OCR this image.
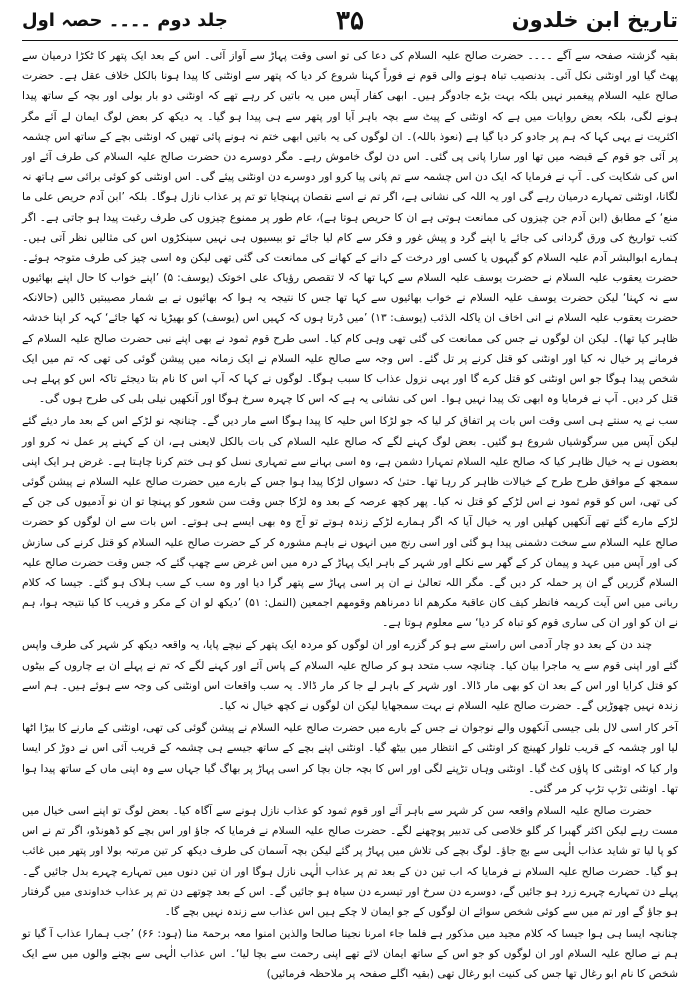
تاریخ ابن خلدون
۳۵
جلد دوم ۔۔۔۔ حصہ اول

بقیہ گزشتہ صفحہ سے آگے ۔۔۔۔ حضرت صالح علیہ السلام کی دعا کی تو اسی وقت پہاڑ سے آواز آئی۔ اس کے بعد ایک پتھر کا ٹکڑا درمیان سے پھٹ گیا اور اونٹنی نکل آئی۔ بدنصیب تباہ ہونے والی قوم نے فوراً کہنا شروع کر دیا کہ پتھر سے اونٹنی کا پیدا ہونا بالکل خلاف عقل ہے۔ حضرت صالح علیہ السلام پیغمبر نہیں بلکہ بہت بڑے جادوگر ہیں۔ ابھی کفار آپس میں یہ باتیں کر رہے تھے کہ اونٹنی دو بار بولی اور بچہ کے ساتھ پیدا ہونے لگی، بلکہ بعض روایات میں ہے کہ اونٹنی کے پیٹ سے بچہ باہر آیا اور پتھر سے ہی پیدا ہو گیا۔ یہ دیکھ کر بعض لوگ ایمان لے آئے مگر اکثریت نے یہی کہا کہ ہم پر جادو کر دیا گیا ہے (نعوذ باللہ)۔ ان لوگوں کی یہ باتیں ابھی ختم نہ ہونے پائی تھیں کہ اونٹنی بچے کے ساتھ اس چشمہ پر آئی جو قوم کے قبضہ میں تھا اور سارا پانی پی گئی۔ اس دن لوگ خاموش رہے۔ مگر دوسرے دن حضرت صالح علیہ السلام کی طرف آئے اور اس کی شکایت کی۔ آپ نے فرمایا کہ ایک دن اس چشمہ سے تم پانی پیا کرو اور دوسرے دن اونٹنی پیئے گی۔ اس اونٹنی کو کوئی برائی سے ہاتھ نہ لگانا، اونٹنی تمہارے درمیان رہے گی اور یہ اللہ کی نشانی ہے، اگر تم نے اسے نقصان پہنچایا تو تم پر عذاب نازل ہوگا۔ بلکہ ’ابن آدم حریص علی ما منع‘ کے مطابق (ابن آدم جن چیزوں کی ممانعت ہوتی ہے ان کا حریص ہوتا ہے)، عام طور پر ممنوع چیزوں کی طرف رغبت پیدا ہو جاتی ہے۔ اگر کتب تواریخ کی ورق گردانی کی جائے یا اپنے گرد و پیش غور و فکر سے کام لیا جائے تو بیسیوں ہی نہیں سینکڑوں اس کی مثالیں نظر آتی ہیں۔ ہمارے ابوالبشر آدم علیہ السلام کو گیہوں یا کسی اور درخت کے دانے کے کھانے کی ممانعت کی گئی تھی لیکن وہ اسی چیز کی طرف متوجہ ہوئے۔ حضرت یعقوب علیہ السلام نے حضرت یوسف علیہ السلام سے کہا تھا کہ لا تقصص رؤیاک علی اخوتک (یوسف: ۵) ’اپنے خواب کا حال اپنے بھائیوں سے نہ کہنا‘ لیکن حضرت یوسف علیہ السلام نے خواب بھائیوں سے کہا تھا جس کا نتیجہ یہ ہوا کہ بھائیوں نے بے شمار مصیبتیں ڈالیں (حالانکہ حضرت یعقوب علیہ السلام نے انی اخاف ان یاکلہ الذئب (یوسف: ۱۳) ’میں ڈرتا ہوں کہ کہیں اس (یوسف) کو بھیڑیا نہ کھا جائے‘ کہہ کر اپنا خدشہ ظاہر کیا تھا)۔ لیکن ان لوگوں نے جس کی ممانعت کی گئی تھی وہی کام کیا۔ اسی طرح قوم ثمود نے بھی اپنے نبی حضرت صالح علیہ السلام کے فرمانے پر خیال نہ کیا اور اونٹنی کو قتل کرنے پر تل گئے۔ اس وجہ سے صالح علیہ السلام نے ایک زمانہ میں پیشن گوئی کی تھی کہ تم میں ایک شخص پیدا ہوگا جو اس اونٹنی کو قتل کرے گا اور یہی نزول عذاب کا سبب ہوگا۔ لوگوں نے کہا کہ آپ اس کا نام بتا دیجئے تاکہ اس کو پہلے ہی قتل کر دیں۔ آپ نے فرمایا وہ ابھی تک پیدا نہیں ہوا۔ اس کی نشانی یہ ہے کہ اس کا چہرہ سرخ ہوگا اور آنکھیں نیلی بلی کی طرح ہوں گی۔

سب نے یہ سنتے ہی اسی وقت اس بات پر اتفاق کر لیا کہ جو لڑکا اس حلیہ کا پیدا ہوگا اسے مار دیں گے۔ چنانچہ نو لڑکے اس کے بعد مار دیئے گئے لیکن آپس میں سرگوشیاں شروع ہو گئیں۔ بعض لوگ کہنے لگے کہ صالح علیہ السلام کی بات بالکل لایعنی ہے، ان کے کہنے پر عمل نہ کرو اور بعضوں نے یہ خیال ظاہر کیا کہ صالح علیہ السلام تمہارا دشمن ہے، وہ اسی بہانے سے تمہاری نسل کو ہی ختم کرنا چاہتا ہے۔ غرض ہر ایک اپنی سمجھ کے موافق طرح طرح کے خیالات ظاہر کر رہا تھا۔ حتیٰ کہ دسواں لڑکا پیدا ہوا جس کے بارے میں حضرت صالح علیہ السلام نے پیشن گوئی کی تھی، اس کو قوم ثمود نے اس لڑکے کو قتل نہ کیا۔ پھر کچھ عرصہ کے بعد وہ لڑکا جس وقت سن شعور کو پہنچا تو ان نو آدمیوں کی جن کے لڑکے مارے گئے تھے آنکھیں کھلیں اور یہ خیال آیا کہ اگر ہمارے لڑکے زندہ ہوتے تو آج وہ بھی ایسے ہی ہوتے۔ اس بات سے ان لوگوں کو حضرت صالح علیہ السلام سے سخت دشمنی پیدا ہو گئی اور اسی رنج میں انہوں نے باہم مشورہ کر کے حضرت صالح علیہ السلام کو قتل کرنے کی سازش کی اور آپس میں عہد و پیمان کر کے گھر سے نکلے اور شہر کے باہر ایک پہاڑ کے درہ میں اس غرض سے چھپ گئے کہ جس وقت حضرت صالح علیہ السلام گزریں گے ان پر حملہ کر دیں گے۔ مگر اللہ تعالیٰ نے ان پر اسی پہاڑ سے پتھر گرا دیا اور وہ سب کے سب ہلاک ہو گئے۔ جیسا کہ کلام ربانی میں اس آیت کریمہ فانظر کیف کان عاقبۃ مکرھم انا دمرناھم وقومھم اجمعین (النمل: ۵۱) ’دیکھ لو ان کے مکر و فریب کا کیا نتیجہ ہوا، ہم نے ان کو اور ان کی ساری قوم کو تباہ کر دیا‘ سے معلوم ہوتا ہے۔

چند دن کے بعد دو چار آدمی اس راستے سے ہو کر گزرے اور ان لوگوں کو مردہ ایک پتھر کے نیچے پایا، یہ واقعہ دیکھ کر شہر کی طرف واپس گئے اور اپنی قوم سے یہ ماجرا بیان کیا۔ چنانچہ سب متحد ہو کر صالح علیہ السلام کے پاس آئے اور کہنے لگے کہ تم نے پہلے ان بے چاروں کے بیٹوں کو قتل کرایا اور اس کے بعد ان کو بھی مار ڈالا۔ اور شہر کے باہر لے جا کر مار ڈالا۔ یہ سب واقعات اس اونٹنی کی وجہ سے ہوئے ہیں۔ ہم اسے زندہ نہیں چھوڑیں گے۔ حضرت صالح علیہ السلام نے بہت سمجھایا لیکن ان لوگوں نے کچھ خیال نہ کیا۔

آخر کار اسی لال بلی جیسی آنکھوں والے نوجوان نے جس کے بارے میں حضرت صالح علیہ السلام نے پیشن گوئی کی تھی، اونٹنی کے مارنے کا بیڑا اٹھا لیا اور چشمہ کے قریب تلوار کھینچ کر اونٹنی کے انتظار میں بیٹھ گیا۔ اونٹنی اپنے بچے کے ساتھ جیسے ہی چشمہ کے قریب آئی اس نے دوڑ کر ایسا وار کیا کہ اونٹنی کا پاؤں کٹ گیا۔ اونٹنی وہاں تڑپنے لگی اور اس کا بچہ جان بچا کر اسی پہاڑ پر بھاگ گیا جہاں سے وہ اپنی ماں کے ساتھ پیدا ہوا تھا۔ اونٹنی تڑپ تڑپ کر مر گئی۔

حضرت صالح علیہ السلام واقعہ سن کر شہر سے باہر آئے اور قوم ثمود کو عذاب نازل ہونے سے آگاہ کیا۔ بعض لوگ تو اپنے اسی خیال میں مست رہے لیکن اکثر گھبرا کر گلو خلاصی کی تدبیر پوچھنے لگے۔ حضرت صالح علیہ السلام نے فرمایا کہ جاؤ اور اس بچے کو ڈھونڈو، اگر تم نے اس کو پا لیا تو شاید عذاب الٰہی سے بچ جاؤ۔ لوگ بچے کی تلاش میں پہاڑ پر گئے لیکن بچہ آسمان کی طرف دیکھ کر تین مرتبہ بولا اور پتھر میں غائب ہو گیا۔ حضرت صالح علیہ السلام نے فرمایا کہ اب تین دن کے بعد تم پر عذاب الٰہی نازل ہوگا اور ان تین دنوں میں تمہارے چہرے بدل جائیں گے۔ پہلے دن تمہارے چہرے زرد ہو جائیں گے، دوسرے دن سرخ اور تیسرے دن سیاہ ہو جائیں گے۔ اس کے بعد چوتھے دن تم پر عذاب خداوندی میں گرفتار ہو جاؤ گے اور تم میں سے کوئی شخص سوائے ان لوگوں کے جو ایمان لا چکے ہیں اس عذاب سے زندہ نہیں بچے گا۔

چنانچہ ایسا ہی ہوا جیسا کہ کلام مجید میں مذکور ہے فلما جاء امرنا نجینا صالحا والذین امنوا معہ برحمۃ منا (ہود: ۶۶) ’جب ہمارا عذاب آ گیا تو ہم نے صالح علیہ السلام اور ان لوگوں کو جو اس کے ساتھ ایمان لائے تھے اپنی رحمت سے بچا لیا‘۔ اس عذاب الٰہی سے بچنے والوں میں سے ایک شخص کا نام ابو رغال تھا جس کی کنیت ابو رغال تھی (بقیہ اگلے صفحہ پر ملاحظہ فرمائیں)
